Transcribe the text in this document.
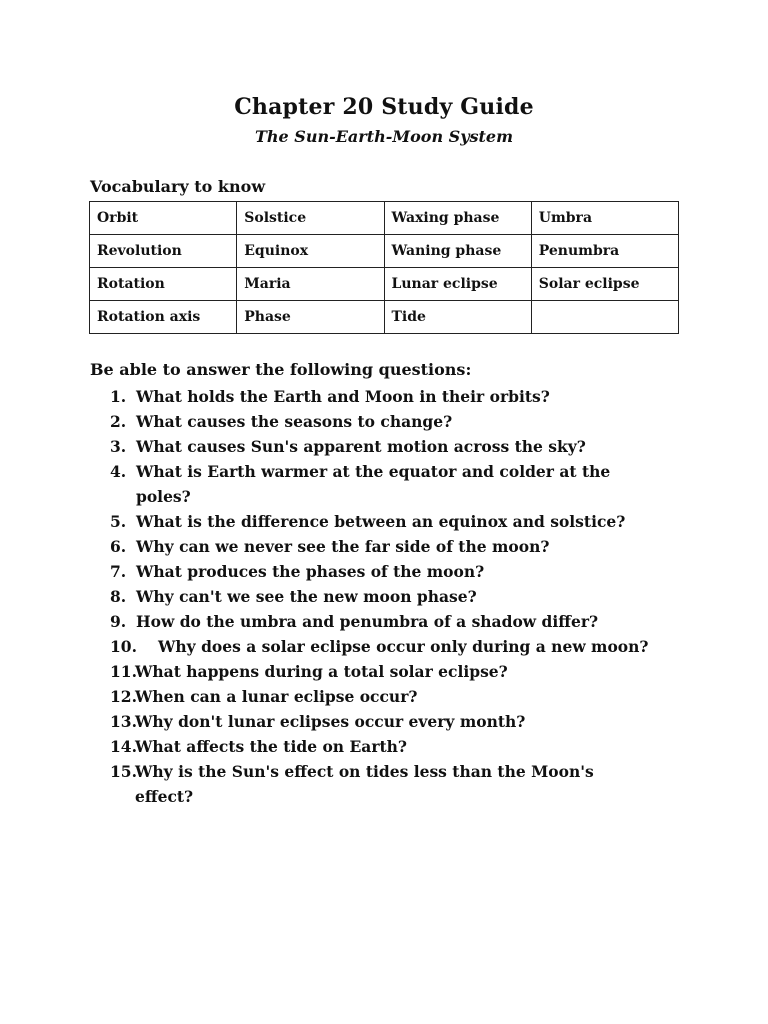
Chapter 20 Study Guide
The Sun-Earth-Moon System
Vocabulary to know
Orbit	Solstice	Waxing phase	Umbra
Revolution	Equinox	Waning phase	Penumbra
Rotation	Maria	Lunar eclipse	Solar eclipse
Rotation axis	Phase	Tide	
Be able to answer the following questions:
1. What holds the Earth and Moon in their orbits?
2. What causes the seasons to change?
3. What causes Sun's apparent motion across the sky?
4. What is Earth warmer at the equator and colder at the
poles?
5. What is the difference between an equinox and solstice?
6. Why can we never see the far side of the moon?
7. What produces the phases of the moon?
8. Why can't we see the new moon phase?
9. How do the umbra and penumbra of a shadow differ?
10. Why does a solar eclipse occur only during a new moon?
11.
What happens during a total solar eclipse?
12.
When can a lunar eclipse occur?
13.
Why don't lunar eclipses occur every month?
14.
What affects the tide on Earth?
15.
Why is the Sun's effect on tides less than the Moon's
effect?
